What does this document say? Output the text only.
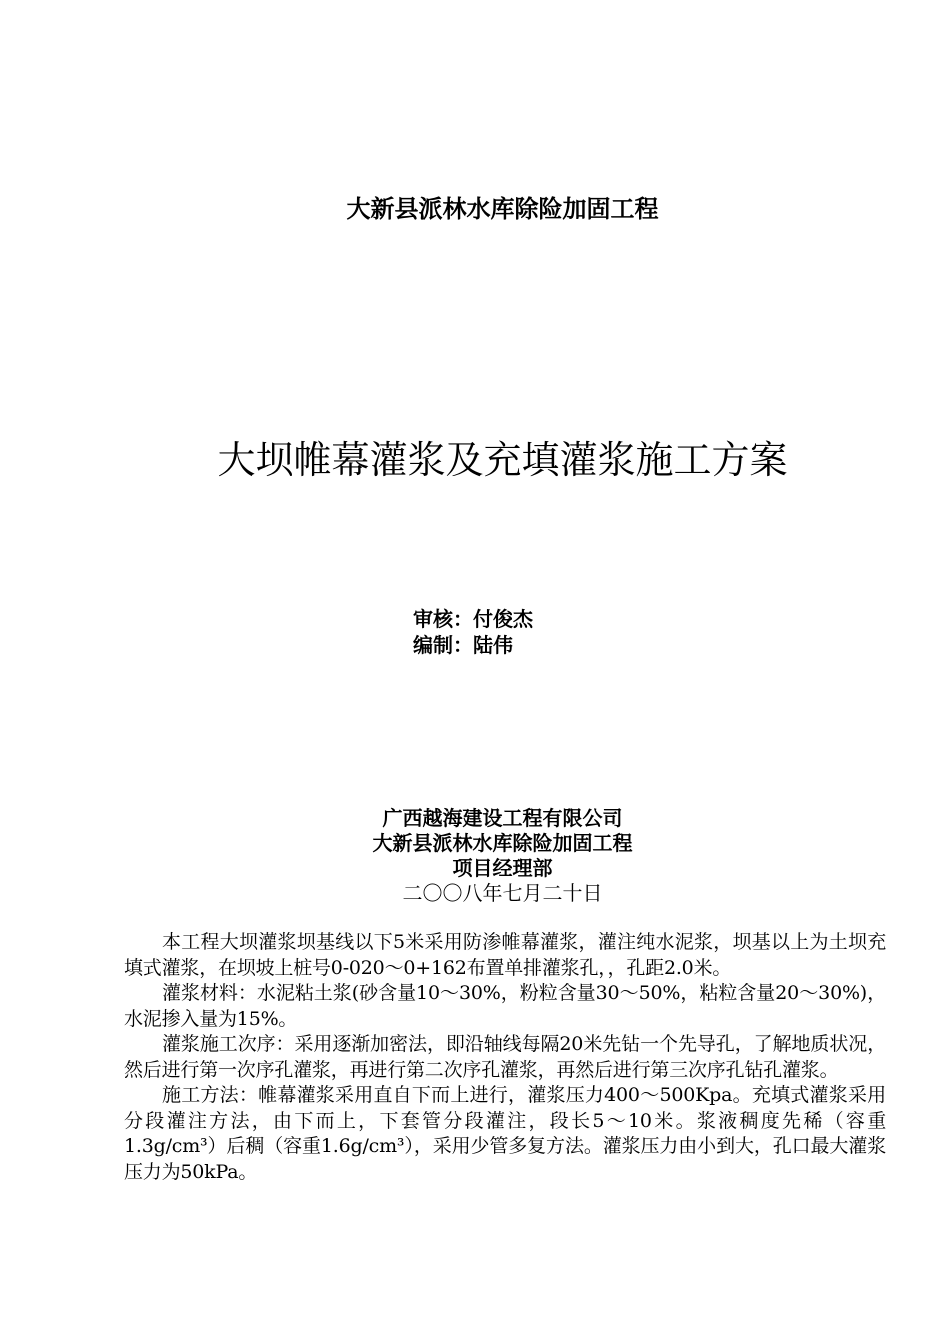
大新县派林水库除险加固工程
大坝帷幕灌浆及充填灌浆施工方案
审核：付俊杰
编制：陆伟
广西越海建设工程有限公司
大新县派林水库除险加固工程
项目经理部
二〇〇八年七月二十日

本工程大坝灌浆坝基线以下5米采用防渗帷幕灌浆，灌注纯水泥浆，坝基以上为土坝充填式灌浆，在坝坡上桩号0-020～0+162布置单排灌浆孔，，孔距2.0米。

灌浆材料：水泥粘土浆(砂含量10～30%，粉粒含量30～50%，粘粒含量20～30%)，水泥掺入量为15%。

灌浆施工次序：采用逐渐加密法，即沿轴线每隔20米先钻一个先导孔，了解地质状况，然后进行第一次序孔灌浆，再进行第二次序孔灌浆，再然后进行第三次序孔钻孔灌浆。

施工方法：帷幕灌浆采用直自下而上进行，灌浆压力400～500Kpa。充填式灌浆采用分段灌注方法，由下而上，下套管分段灌注，段长5～10米。浆液稠度先稀（容重1.3g/cm³）后稠（容重1.6g/cm³），采用少管多复方法。灌浆压力由小到大，孔口最大灌浆压力为50kPa。
